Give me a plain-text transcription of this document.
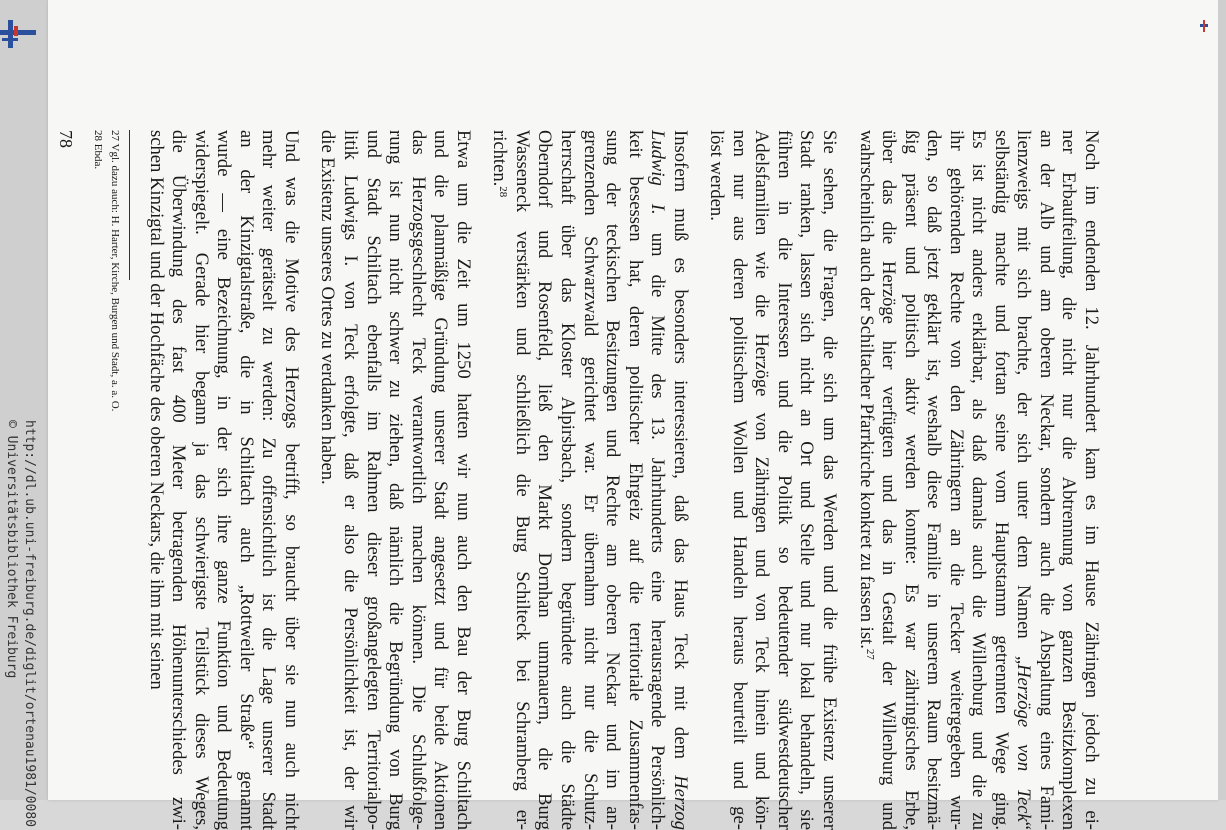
http://dl.ub.uni-freiburg.de/diglit/ortenau1981/0080
© Universitätsbibliothek Freiburg	Noch im endenden 12. Jahrhundert kam es im Hause Zähringen jedoch zu ei-
ner Erbaufteilung, die nicht nur die Abtrennung von ganzen Besitzkomplexen
an der Alb und am oberen Neckar, sondern auch die Abspaltung eines Fami-
lienzweigs mit sich brachte, der sich unter dem Namen „Herzöge von Teck“
selbständig machte und fortan seine vom Hauptstamm getrennten Wege ging.
Es ist nicht anders erklärbar, als daß damals auch die Willenburg und die zu
ihr gehörenden Rechte von den Zähringern an die Tecker weitergegeben wur-
den, so daß jetzt geklärt ist, weshalb diese Familie in unserem Raum besitzmä-
ßig präsent und politisch aktiv werden konnte: Es war zähringisches Erbe,
über das die Herzöge hier verfügten und das in Gestalt der Willenburg und
wahrscheinlich auch der Schiltacher Pfarrkirche konkret zu fassen ist.$^{27}$

Sie sehen, die Fragen, die sich um das Werden und die frühe Existenz unserer
Stadt ranken, lassen sich nicht an Ort und Stelle und nur lokal behandeln, sie
führen in die Interessen und die Politik so bedeutender südwestdeutscher
Adelsfamilien wie die Herzöge von Zähringen und von Teck hinein und kön-
nen nur aus deren politischem Wollen und Handeln heraus beurteilt und ge-
löst werden.

Insofern muß es besonders interessieren, daß das Haus Teck mit dem Herzog
Ludwig I. um die Mitte des 13. Jahrhunderts eine herausragende Persönlich-
keit besessen hat, deren politischer Ehrgeiz auf die territoriale Zusammenfas-
sung der teckischen Besitzungen und Rechte am oberen Neckar und im an-
grenzenden Schwarzwald gerichtet war. Er übernahm nicht nur die Schutz-
herrschaft über das Kloster Alpirsbach, sondern begründete auch die Städte
Oberndorf und Rosenfeld, ließ den Markt Dornhan ummauern, die Burg
Wasseneck verstärken und schließlich die Burg Schilteck bei Schramberg er-
richten.$^{28}$

Etwa um die Zeit um 1250 hatten wir nun auch den Bau der Burg Schiltach
und die planmäßige Gründung unserer Stadt angesetzt und für beide Aktionen
das Herzogsgeschlecht Teck verantwortlich machen können. Die Schlußfolge-
rung ist nun nicht schwer zu ziehen, daß nämlich die Begründung von Burg
und Stadt Schiltach ebenfalls im Rahmen dieser großangelegten Territorialpo-
litik Ludwigs I. von Teck erfolgte, daß er also die Persönlichkeit ist, der wir
die Existenz unseres Ortes zu verdanken haben.

Und was die Motive des Herzogs betrifft, so braucht über sie nun auch nicht
mehr weiter gerätselt zu werden: Zu offensichtlich ist die Lage unserer Stadt
an der Kinzigtalstraße, die in Schiltach auch „Rottweiler Straße“ genannt
wurde — eine Bezeichnung, in der sich ihre ganze Funktion und Bedeutung
widerspiegelt. Gerade hier begann ja das schwierigste Teilstück dieses Weges,
die Überwindung des fast 400 Meter betragenden Höhenunterschiedes zwi-
schen Kinzigtal und der Hochfäche des oberen Neckars, die ihm mit seinen

27 Vgl. dazu auch: H. Harter, Kirche, Burgen und Stadt, a. a. O.
28 Ebda.
78
